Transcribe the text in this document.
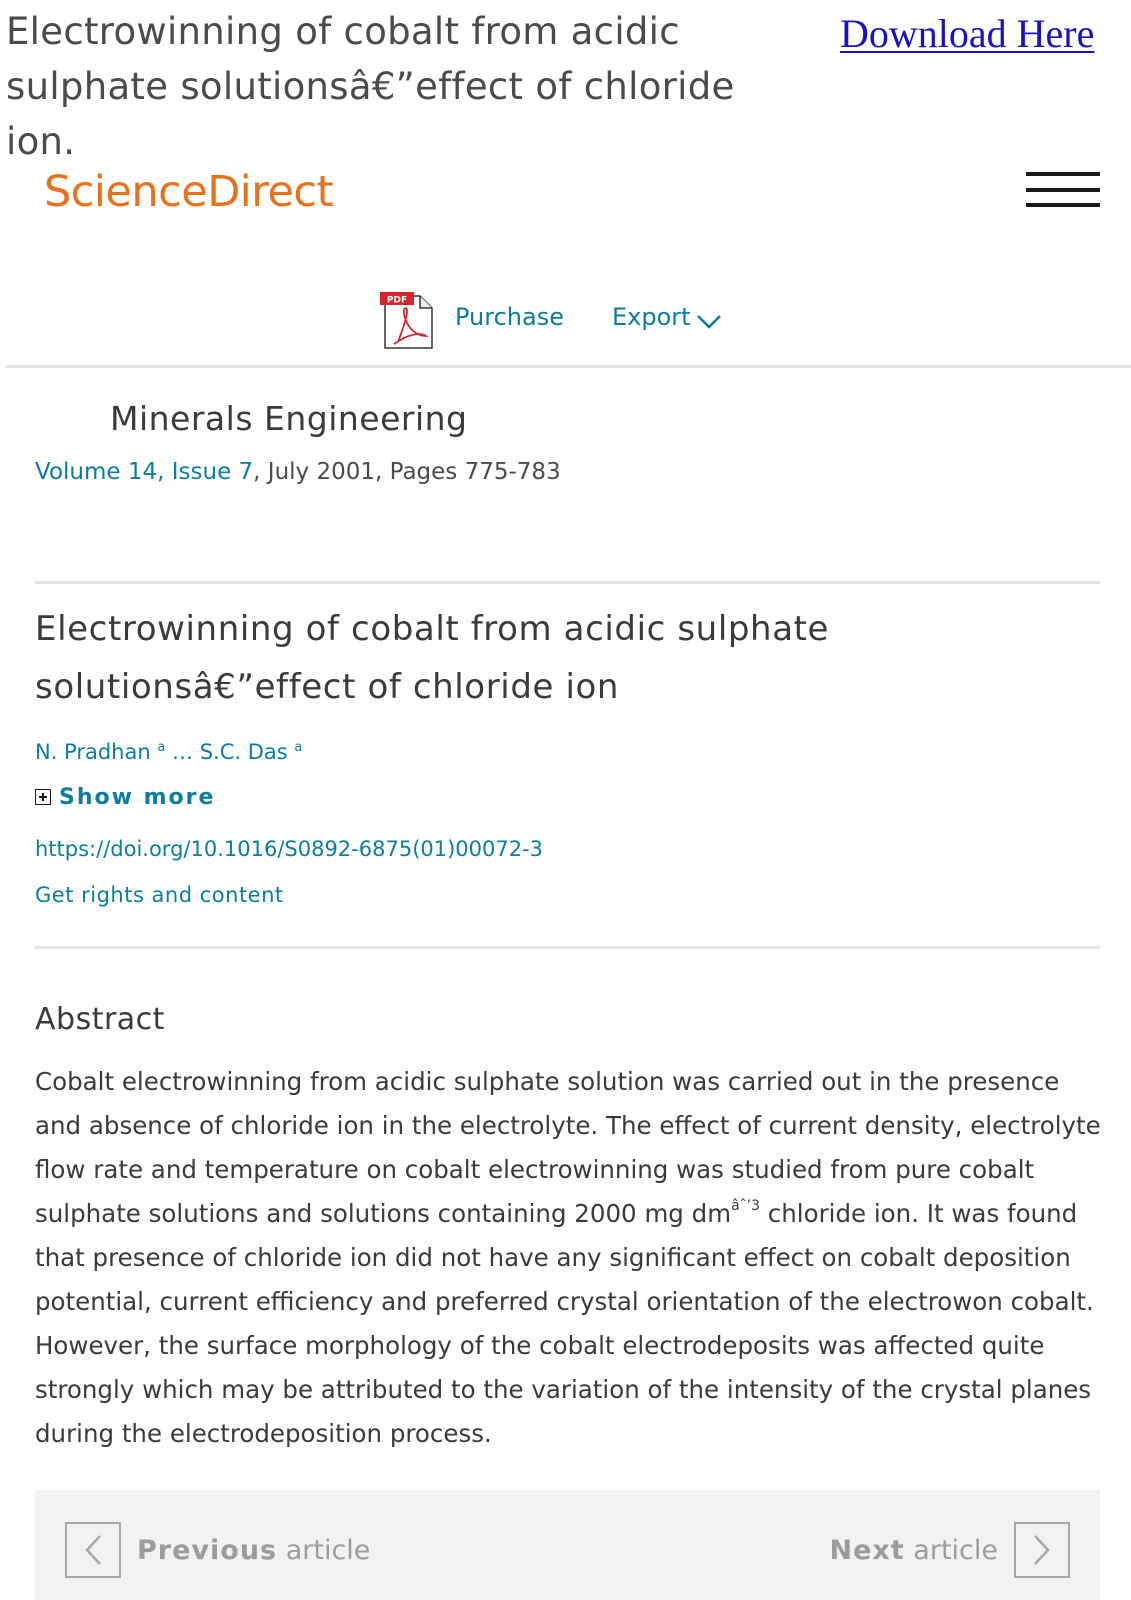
Electrowinning of cobalt from acidic sulphate solutionsâ€”effect of chloride ion.
Download Here
ScienceDirect
PDF
Purchase Export
Minerals Engineering
Volume 14, Issue 7, July 2001, Pages 775-783
Electrowinning of cobalt from acidic sulphate solutionsâ€”effect of chloride ion
N. Pradhan $^a$ … S.C. Das $^a$
Show more
https://doi.org/10.1016/S0892-6875(01)00072-3
Get rights and content
Abstract
Cobalt electrowinning from acidic sulphate solution was carried out in the presence and absence of chloride ion in the electrolyte. The effect of current density, electrolyte flow rate and temperature on cobalt electrowinning was studied from pure cobalt sulphate solutions and solutions containing 2000 mg $dm^{âˆ’3}$ chloride ion. It was found that presence of chloride ion did not have any significant effect on cobalt deposition potential, current efficiency and preferred crystal orientation of the electrowon cobalt. However, the surface morphology of the cobalt electrodeposits was affected quite strongly which may be attributed to the variation of the intensity of the crystal planes during the electrodeposition process.
Previous article	Next article
